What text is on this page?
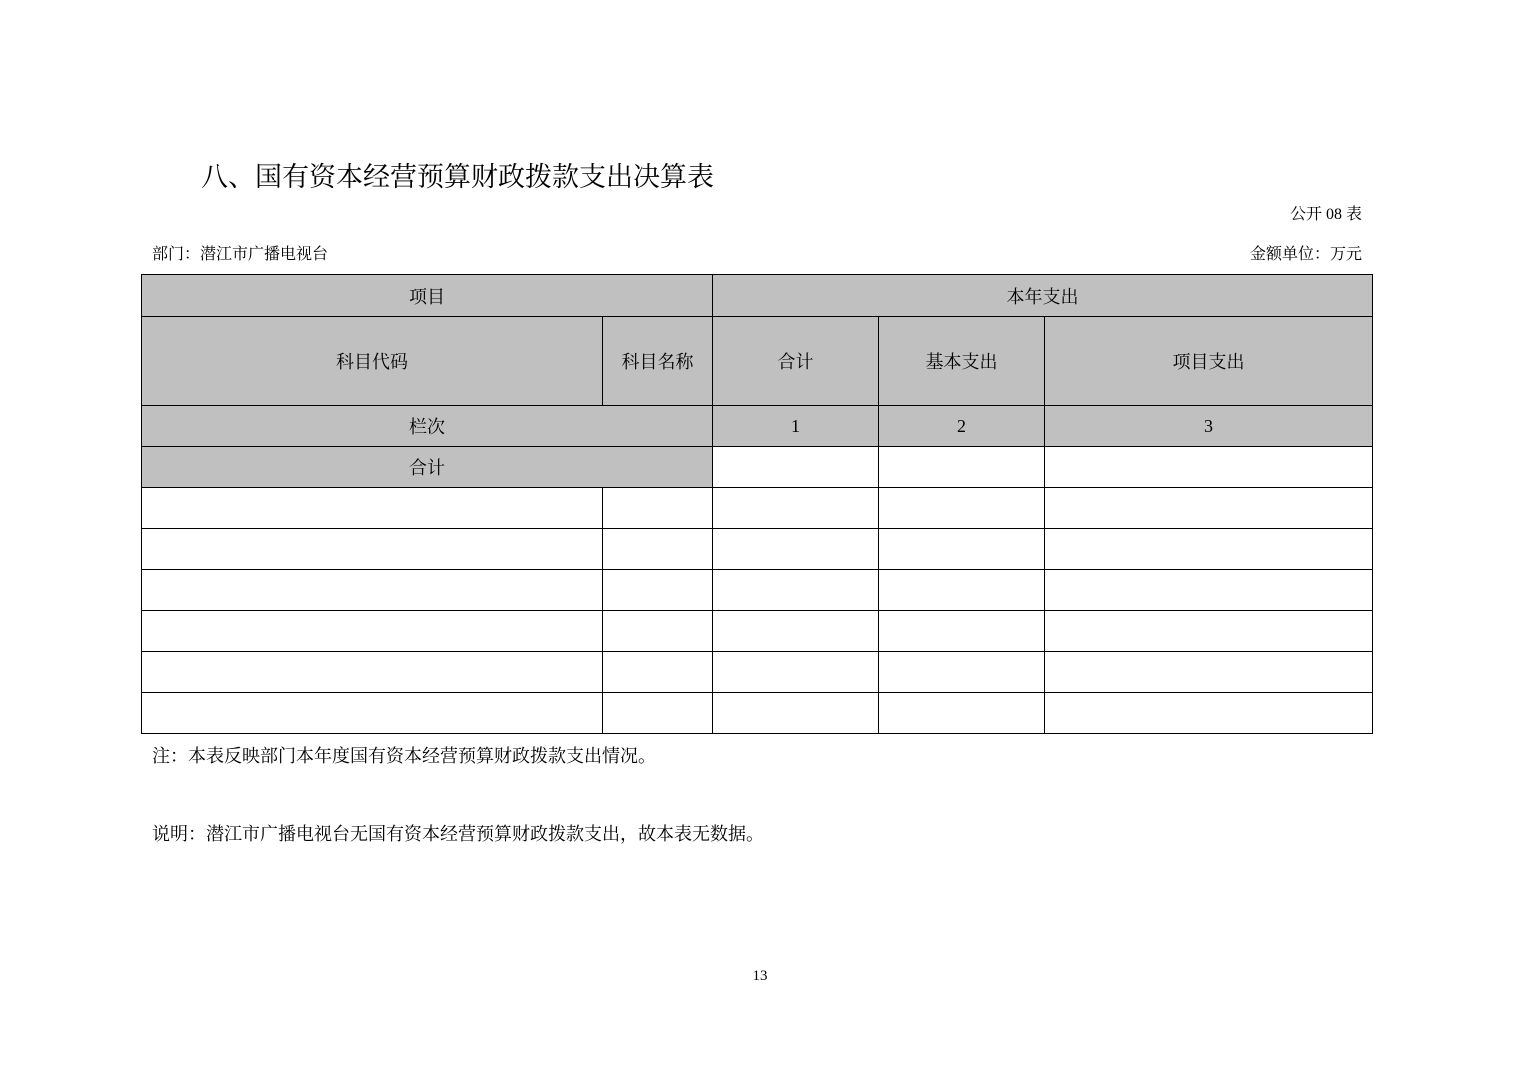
八、国有资本经营预算财政拨款支出决算表
公开 08 表
部门：潜江市广播电视台	金额单位：万元
项目		本年支出		
科目代码	科目名称	合计	基本支出	项目支出
栏次		1	2	3
合计				

注：本表反映部门本年度国有资本经营预算财政拨款支出情况。
说明：潜江市广播电视台无国有资本经营预算财政拨款支出，故本表无数据。
13
